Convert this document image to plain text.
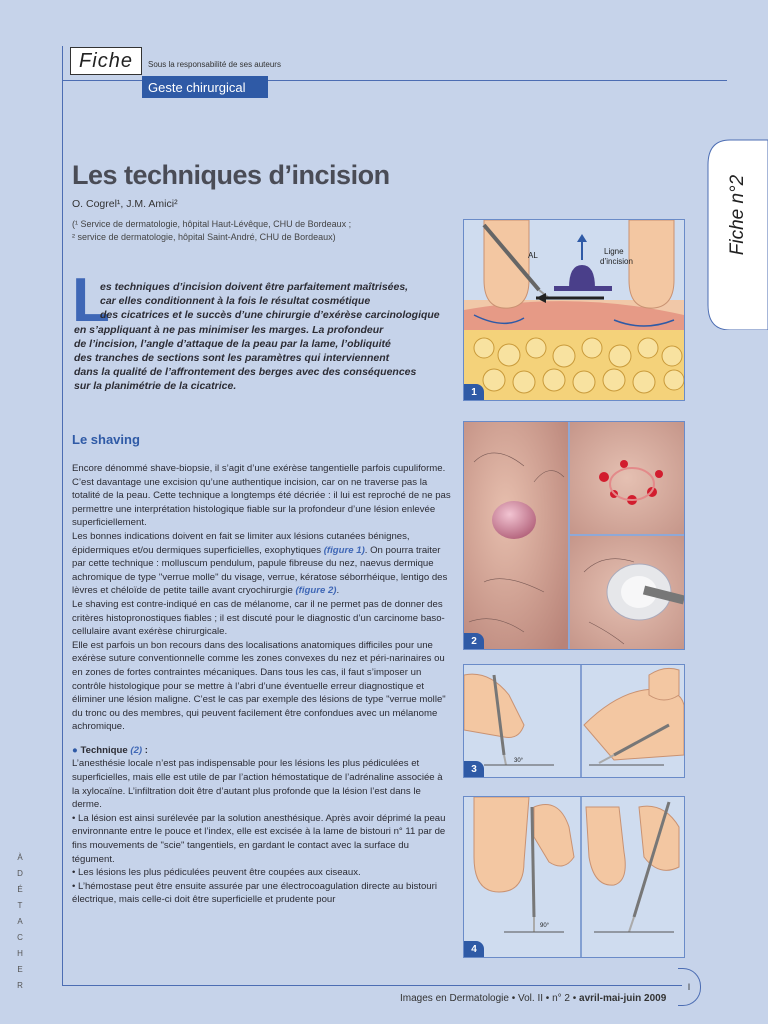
Fiche	Sous la responsabilité de ses auteurs
Geste chirurgical
Fiche n°2
Les techniques d’incision
O. Cogrel¹, J.M. Amici²
(¹ Service de dermatologie, hôpital Haut-Lévêque, CHU de Bordeaux ;
² service de dermatologie, hôpital Saint-André, CHU de Bordeaux)
L
es techniques d’incision doivent être parfaitement maîtrisées,
car elles conditionnent à la fois le résultat cosmétique
des cicatrices et le succès d’une chirurgie d’exérèse carcinologique
en s’appliquant à ne pas minimiser les marges. La profondeur
de l’incision, l’angle d’attaque de la peau par la lame, l’obliquité
des tranches de sections sont les paramètres qui interviennent
dans la qualité de l’affrontement des berges avec des conséquences
sur la planimétrie de la cicatrice.
Le shaving

Encore dénommé shave-biopsie, il s’agit d’une exérèse tangentielle parfois cupuliforme.

C’est davantage une excision qu’une authentique incision, car on ne traverse pas la totalité de la peau. Cette technique a longtemps été décriée : il lui est reproché de ne pas permettre une interprétation histologique fiable sur la profondeur d’une lésion enlevée superficiellement.

Les bonnes indications doivent en fait se limiter aux lésions cutanées bénignes, épidermiques et/ou dermiques superficielles, exophytiques (figure 1). On pourra traiter par cette technique : molluscum pendulum, papule fibreuse du nez, naevus dermique achromique de type "verrue molle" du visage, verrue, kératose séborrhéique, lentigo des lèvres et chéloïde de petite taille avant cryochirurgie (figure 2).

Le shaving est contre-indiqué en cas de mélanome, car il ne permet pas de donner des critères histopronostiques fiables ; il est discuté pour le diagnostic d’un carcinome baso-cellulaire avant exérèse chirurgicale.

Elle est parfois un bon recours dans des localisations anatomiques difficiles pour une exérèse suture conventionnelle comme les zones convexes du nez et péri-narinaires ou en zones de fortes contraintes mécaniques. Dans tous les cas, il faut s’imposer un contrôle histologique pour se mettre à l’abri d’une éventuelle erreur diagnostique et éliminer une lésion maligne. C’est le cas par exemple des lésions de type "verrue molle" du tronc ou des membres, qui peuvent facilement être confondues avec un mélanome achromique.

● Technique (2) :

L’anesthésie locale n’est pas indispensable pour les lésions les plus pédiculées et superficielles, mais elle est utile de par l’action hémostatique de l’adrénaline associée à la xylocaïne. L’infiltration doit être d’autant plus profonde que la lésion l’est dans le derme.

• La lésion est ainsi surélevée par la solution anesthésique. Après avoir déprimé la peau environnante entre le pouce et l’index, elle est excisée à la lame de bistouri n° 11 par de fins mouvements de "scie" tangentiels, en gardant le contact avec la surface du tégument.

• Les lésions les plus pédiculées peuvent être coupées aux ciseaux.

• L’hémostase peut être ensuite assurée par une électrocoagulation directe au bistouri électrique, mais celle-ci doit être superficielle et prudente pour

AL	Ligne
d’incision
1
2
30°
3
90°
4
Images en Dermatologie • Vol. II • n° 2 • avril-mai-juin 2009
I
À
D
É
T
A
C
H
E
R
